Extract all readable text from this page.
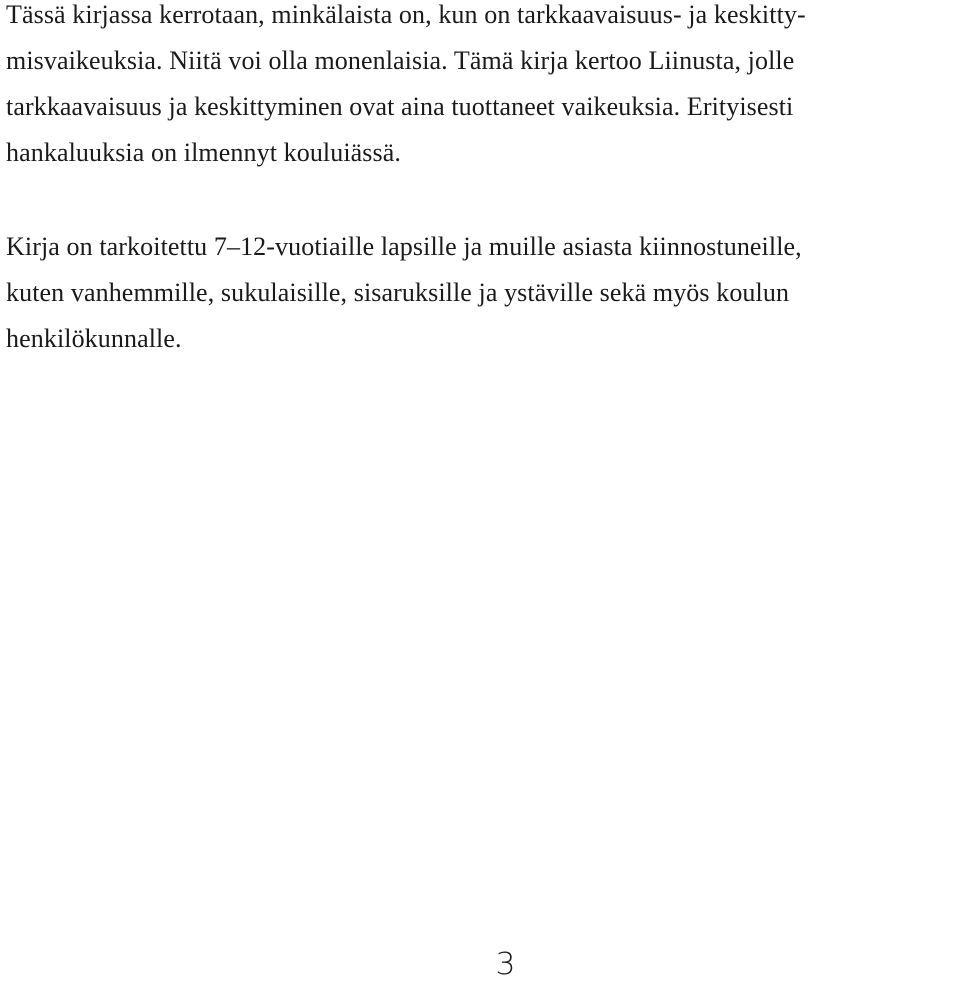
Tässä kirjassa kerrotaan, minkälaista on, kun on tarkkaavaisuus- ja keskitty-
misvaikeuksia. Niitä voi olla monenlaisia. Tämä kirja kertoo Liinusta, jolle
tarkkaavaisuus ja keskittyminen ovat aina tuottaneet vaikeuksia. Erityisesti
hankaluuksia on ilmennyt kouluiässä.
Kirja on tarkoitettu 7–12-vuotiaille lapsille ja muille asiasta kiinnostuneille,
kuten vanhemmille, sukulaisille, sisaruksille ja ystäville sekä myös koulun
henkilökunnalle.
3
